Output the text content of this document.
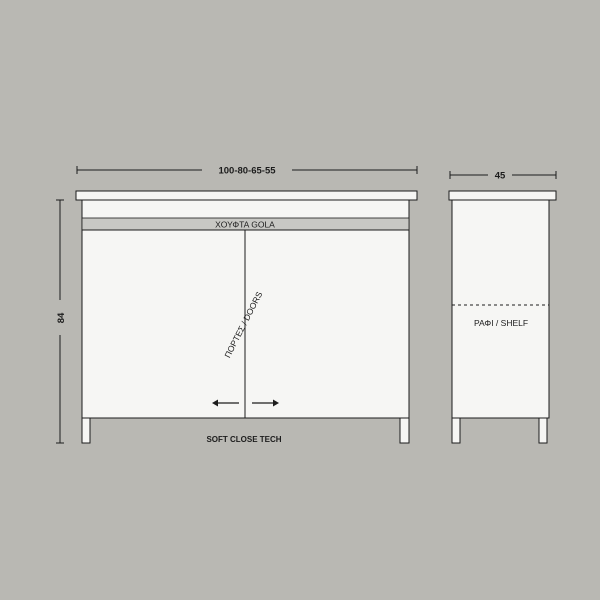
100-80-65-55
84
ΧΟΥΦΤΑ GOLA
ΠΟΡΤΕΣ / DOORS
SOFT CLOSE TECH
45
ΡΑΦΙ / SHELF
